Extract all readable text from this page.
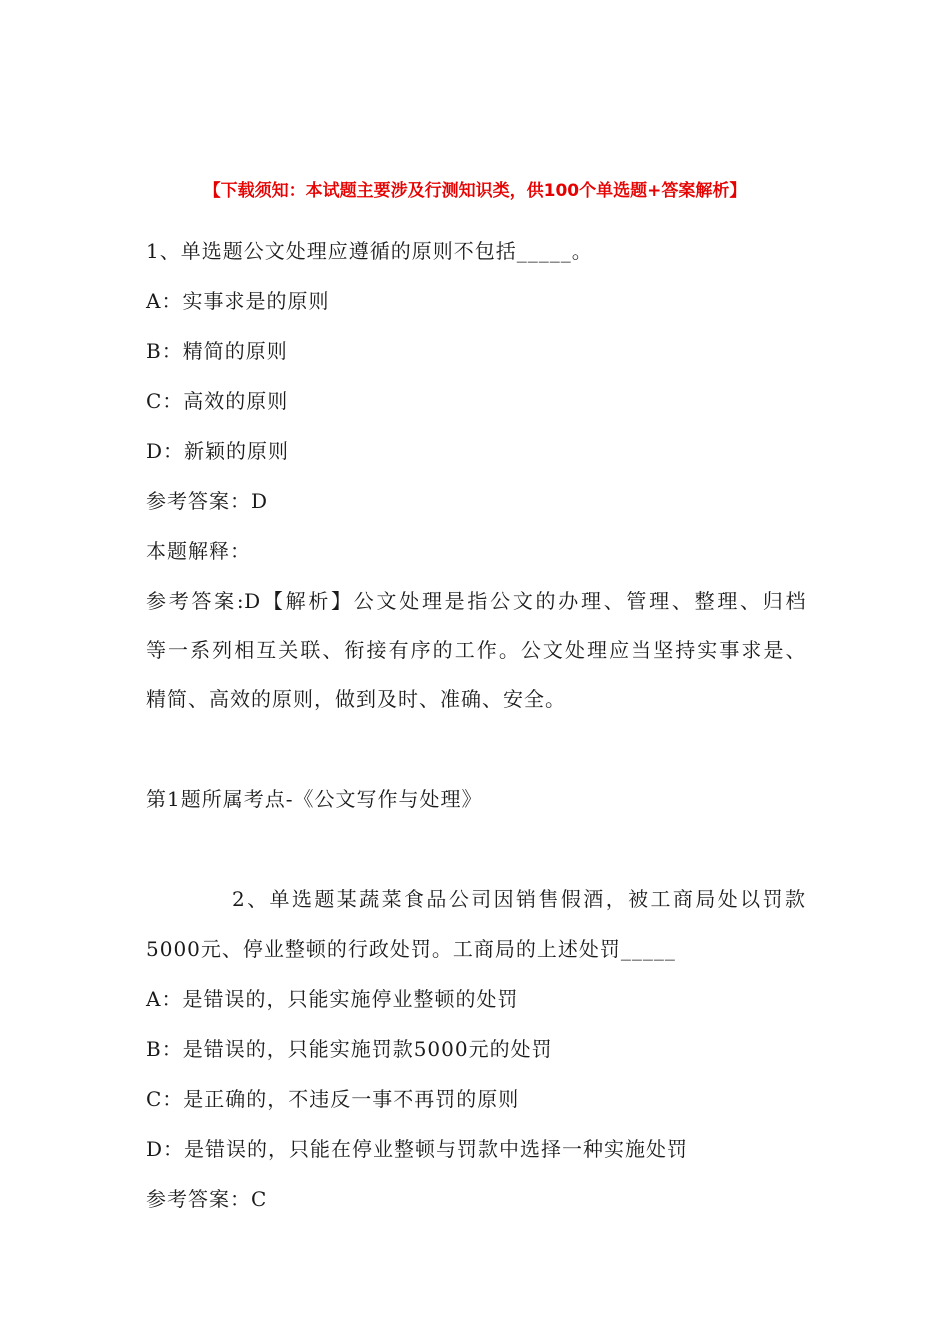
【下载须知：本试题主要涉及行测知识类，供100个单选题+答案解析】
1、单选题公文处理应遵循的原则不包括_____。
A：实事求是的原则
B：精简的原则
C：高效的原则
D：新颖的原则
参考答案：D
本题解释：
参考答案:D【解析】公文处理是指公文的办理、管理、整理、归档
等一系列相互关联、衔接有序的工作。公文处理应当坚持实事求是、
精简、高效的原则，做到及时、准确、安全。
第1题所属考点-《公文写作与处理》
2、单选题某蔬菜食品公司因销售假酒，被工商局处以罚款
5000元、停业整顿的行政处罚。工商局的上述处罚_____
A：是错误的，只能实施停业整顿的处罚
B：是错误的，只能实施罚款5000元的处罚
C：是正确的，不违反一事不再罚的原则
D：是错误的，只能在停业整顿与罚款中选择一种实施处罚
参考答案：C
